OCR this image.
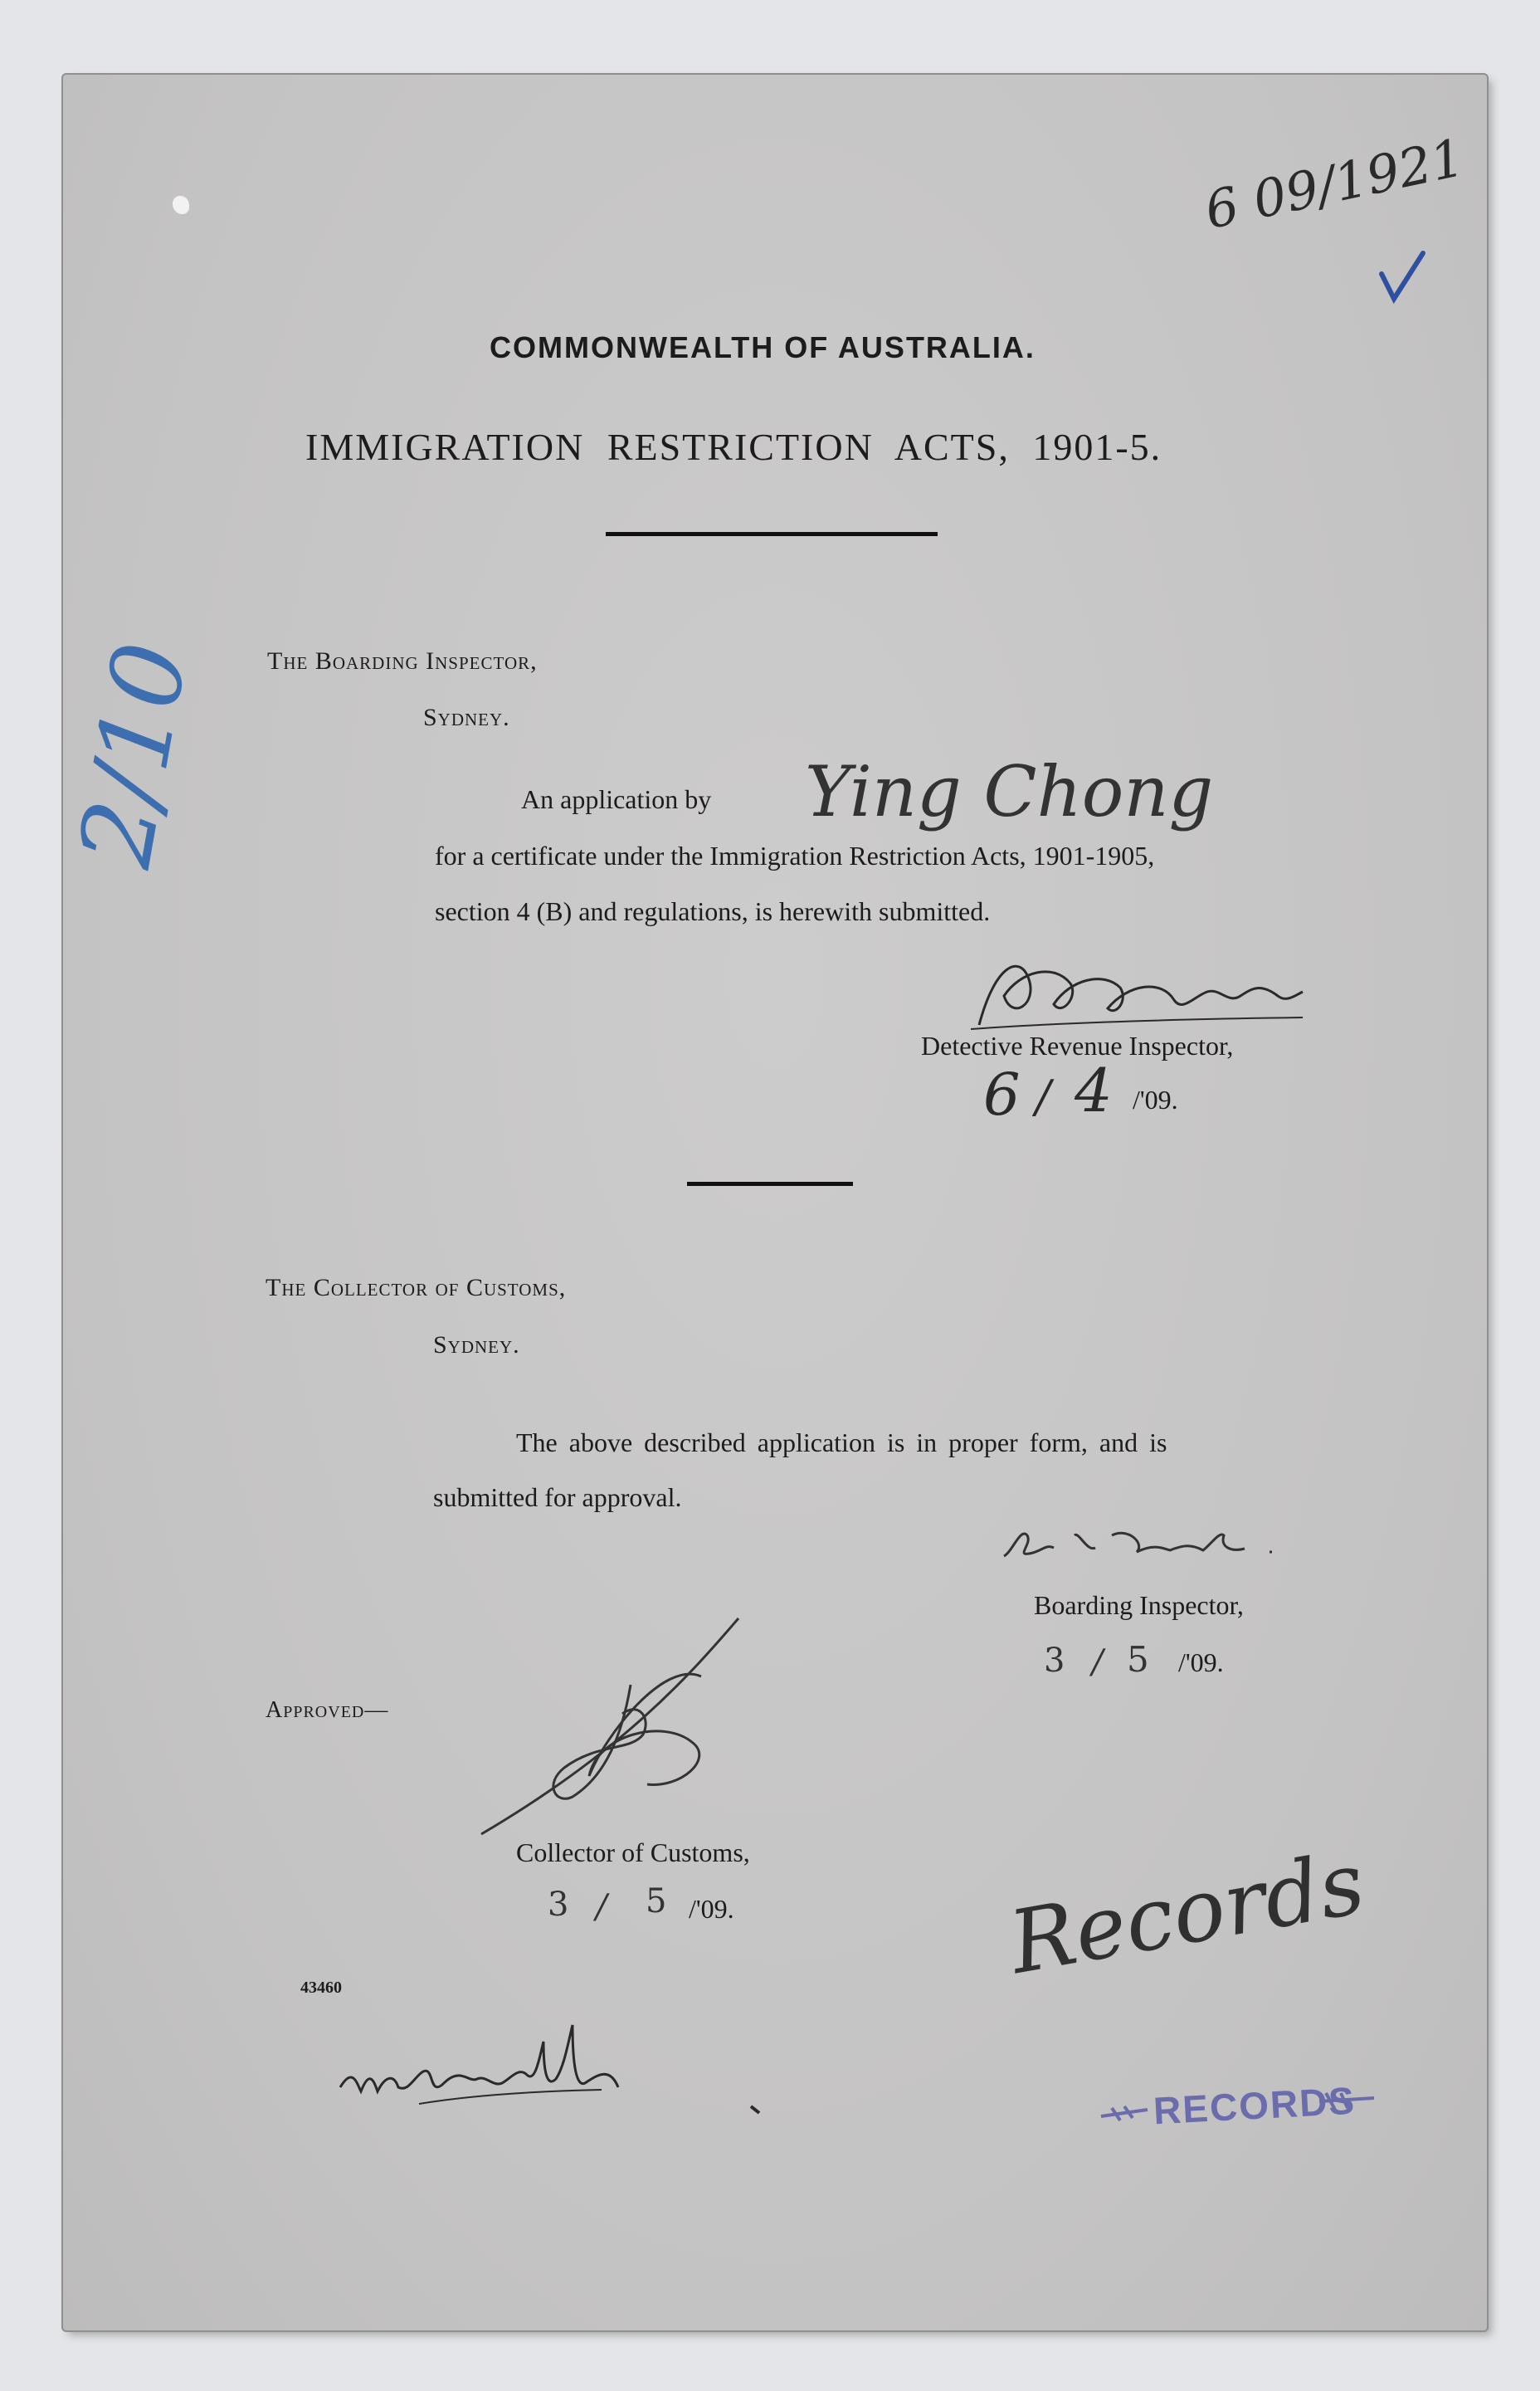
6 09/1921
2/10
COMMONWEALTH OF AUSTRALIA.
IMMIGRATION RESTRICTION ACTS, 1901-5.
The Boarding Inspector,
Sydney.
An application by Ying Chong
for a certificate under the Immigration Restriction Acts, 1901-1905,
section 4 (B) and regulations, is herewith submitted.
Detective Revenue Inspector,
6 / 4 /'09.
The Collector of Customs,
Sydney.
The above described application is in proper form, and is
submitted for approval.
Boarding Inspector,
3 / 5 /'09.
Approved—
Collector of Customs,
3 / 5 /'09.
43460	Records
RECORDS
